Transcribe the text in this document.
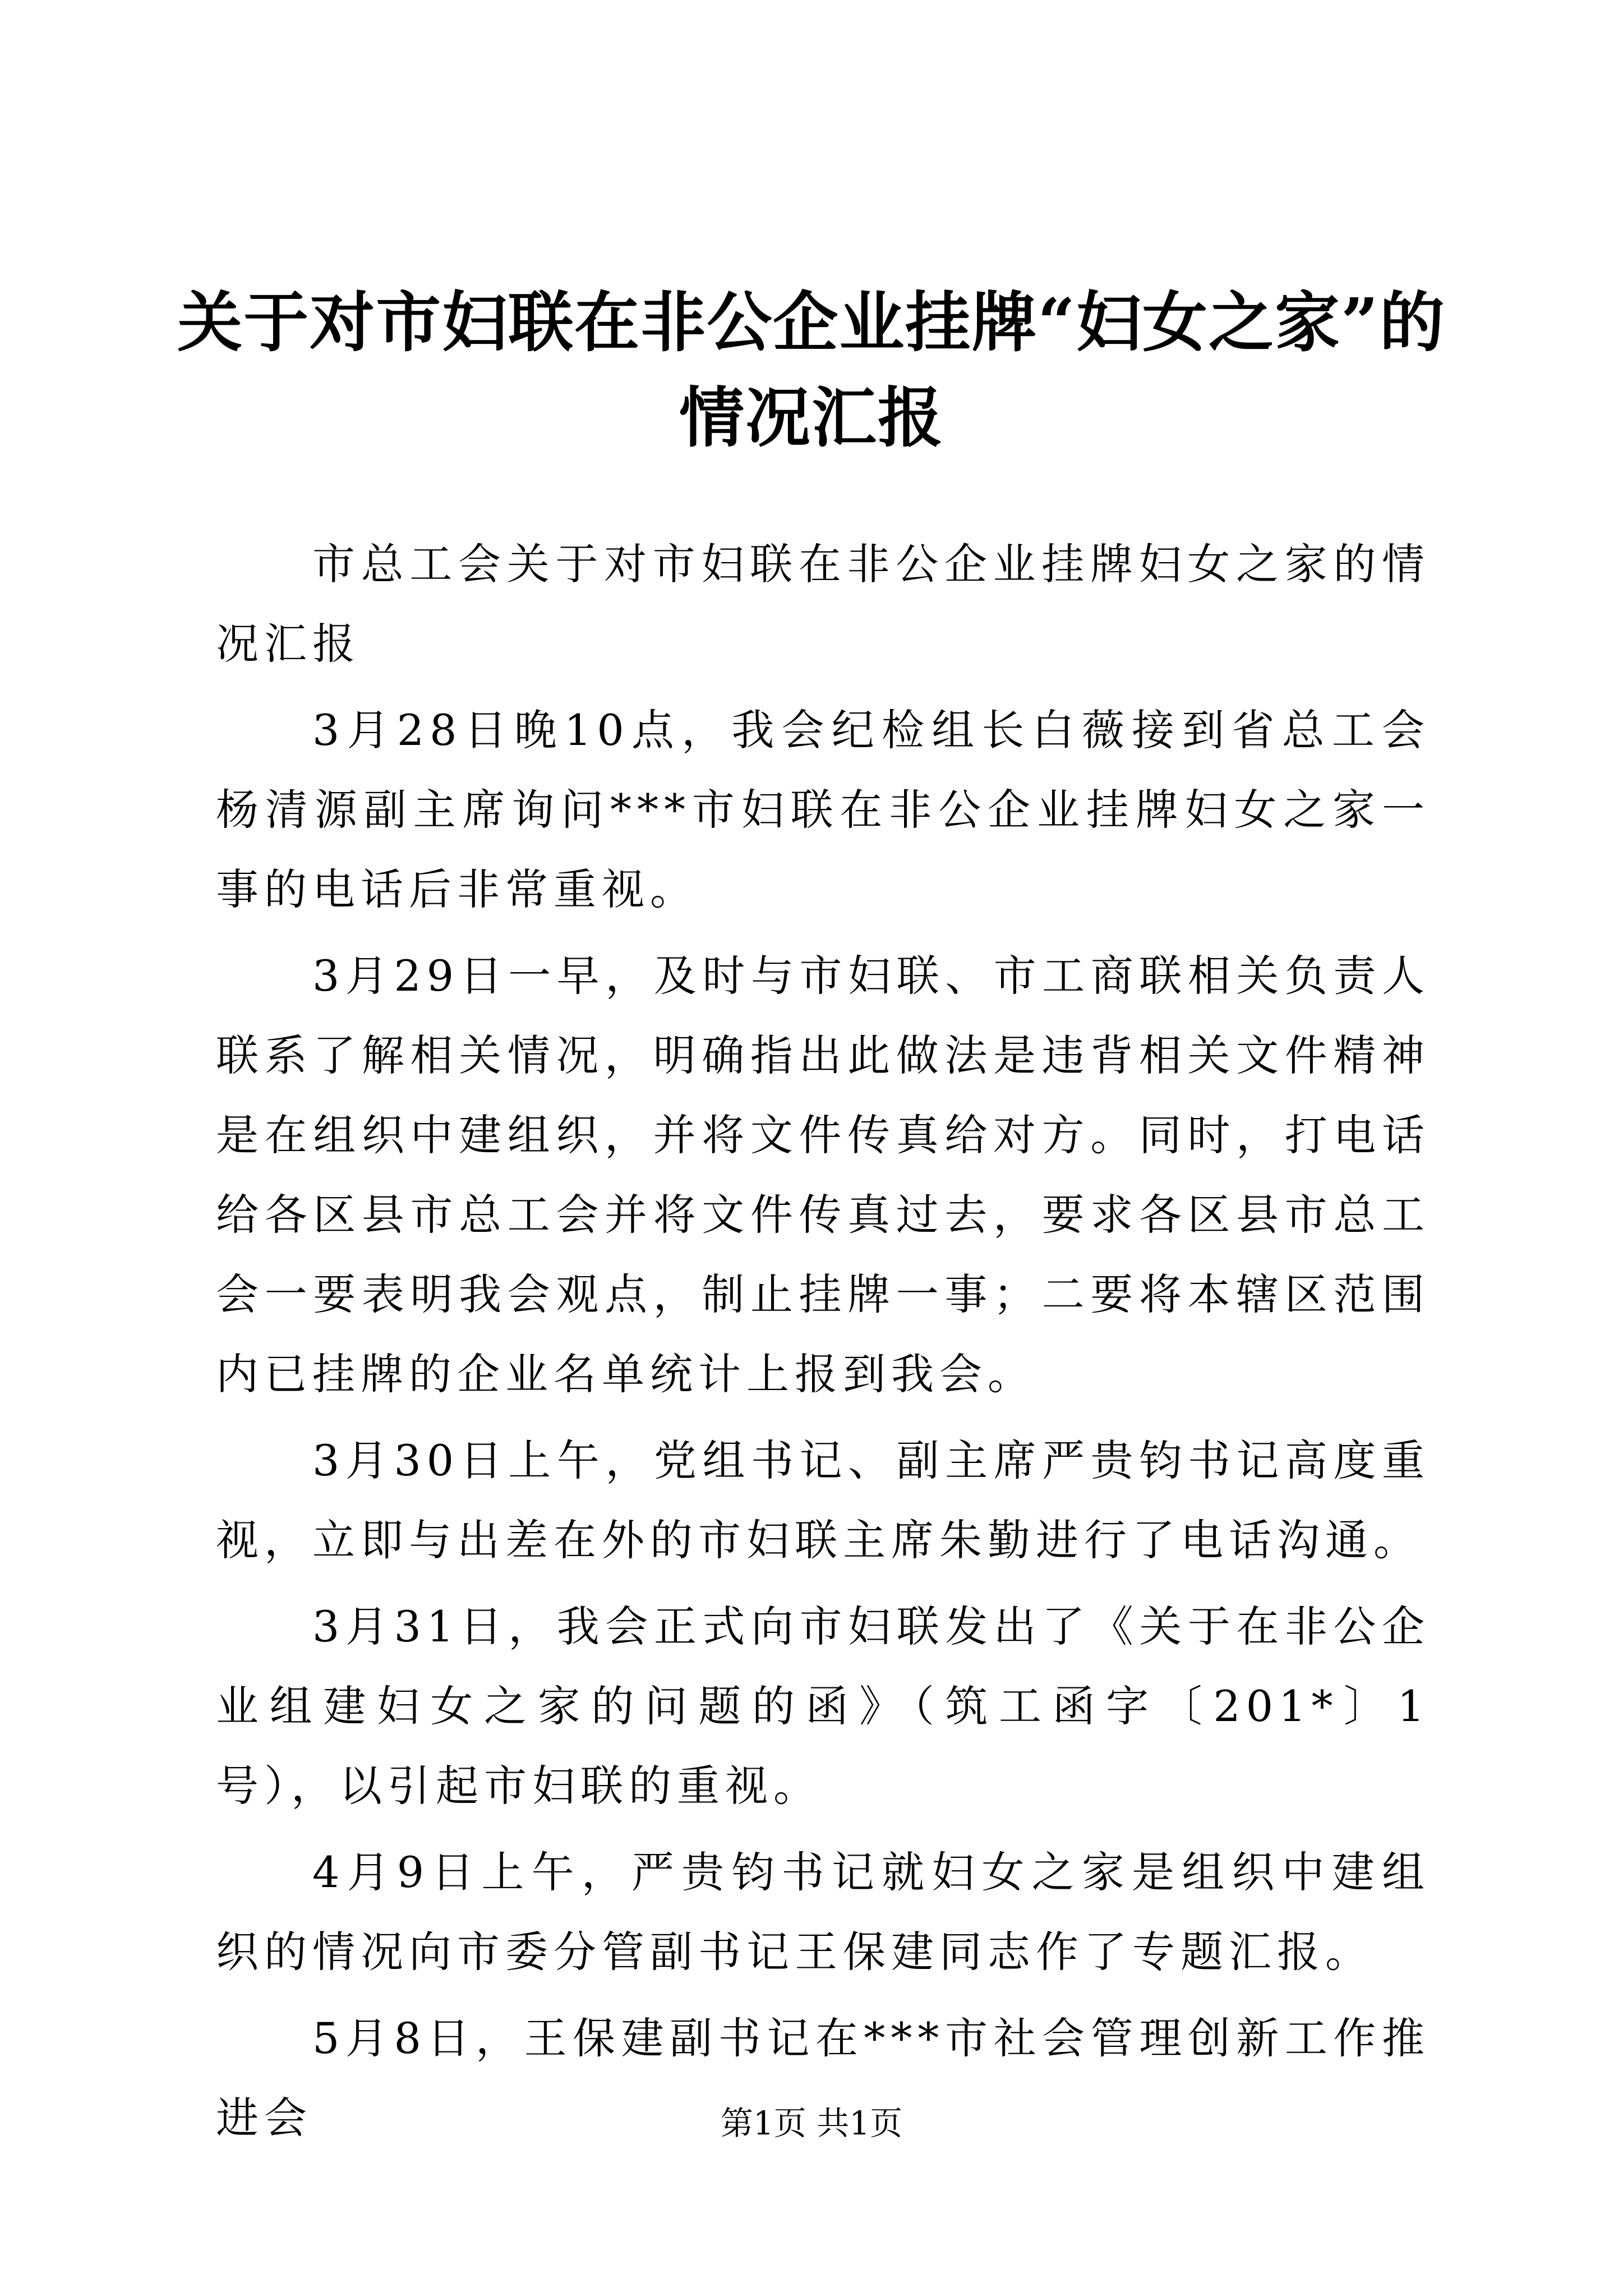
关于对市妇联在非公企业挂牌“妇女之家”的
情况汇报

市总工会关于对市妇联在非公企业挂牌妇女之家的情况汇报

3月28日晚10点，我会纪检组长白薇接到省总工会杨清源副主席询问***市妇联在非公企业挂牌妇女之家一事的电话后非常重视。

3月29日一早，及时与市妇联、市工商联相关负责人联系了解相关情况，明确指出此做法是违背相关文件精神是在组织中建组织，并将文件传真给对方。同时，打电话给各区县市总工会并将文件传真过去，要求各区县市总工会一要表明我会观点，制止挂牌一事；二要将本辖区范围内已挂牌的企业名单统计上报到我会。

3月30日上午，党组书记、副主席严贵钧书记高度重视，立即与出差在外的市妇联主席朱勤进行了电话沟通。

3月31日，我会正式向市妇联发出了《关于在非公企业组建妇女之家的问题的函》（筑工函字〔201*〕1号），以引起市妇联的重视。

4月9日上午，严贵钧书记就妇女之家是组织中建组织的情况向市委分管副书记王保建同志作了专题汇报。

5月8日，王保建副书记在***市社会管理创新工作推进会	第1页 共1页
